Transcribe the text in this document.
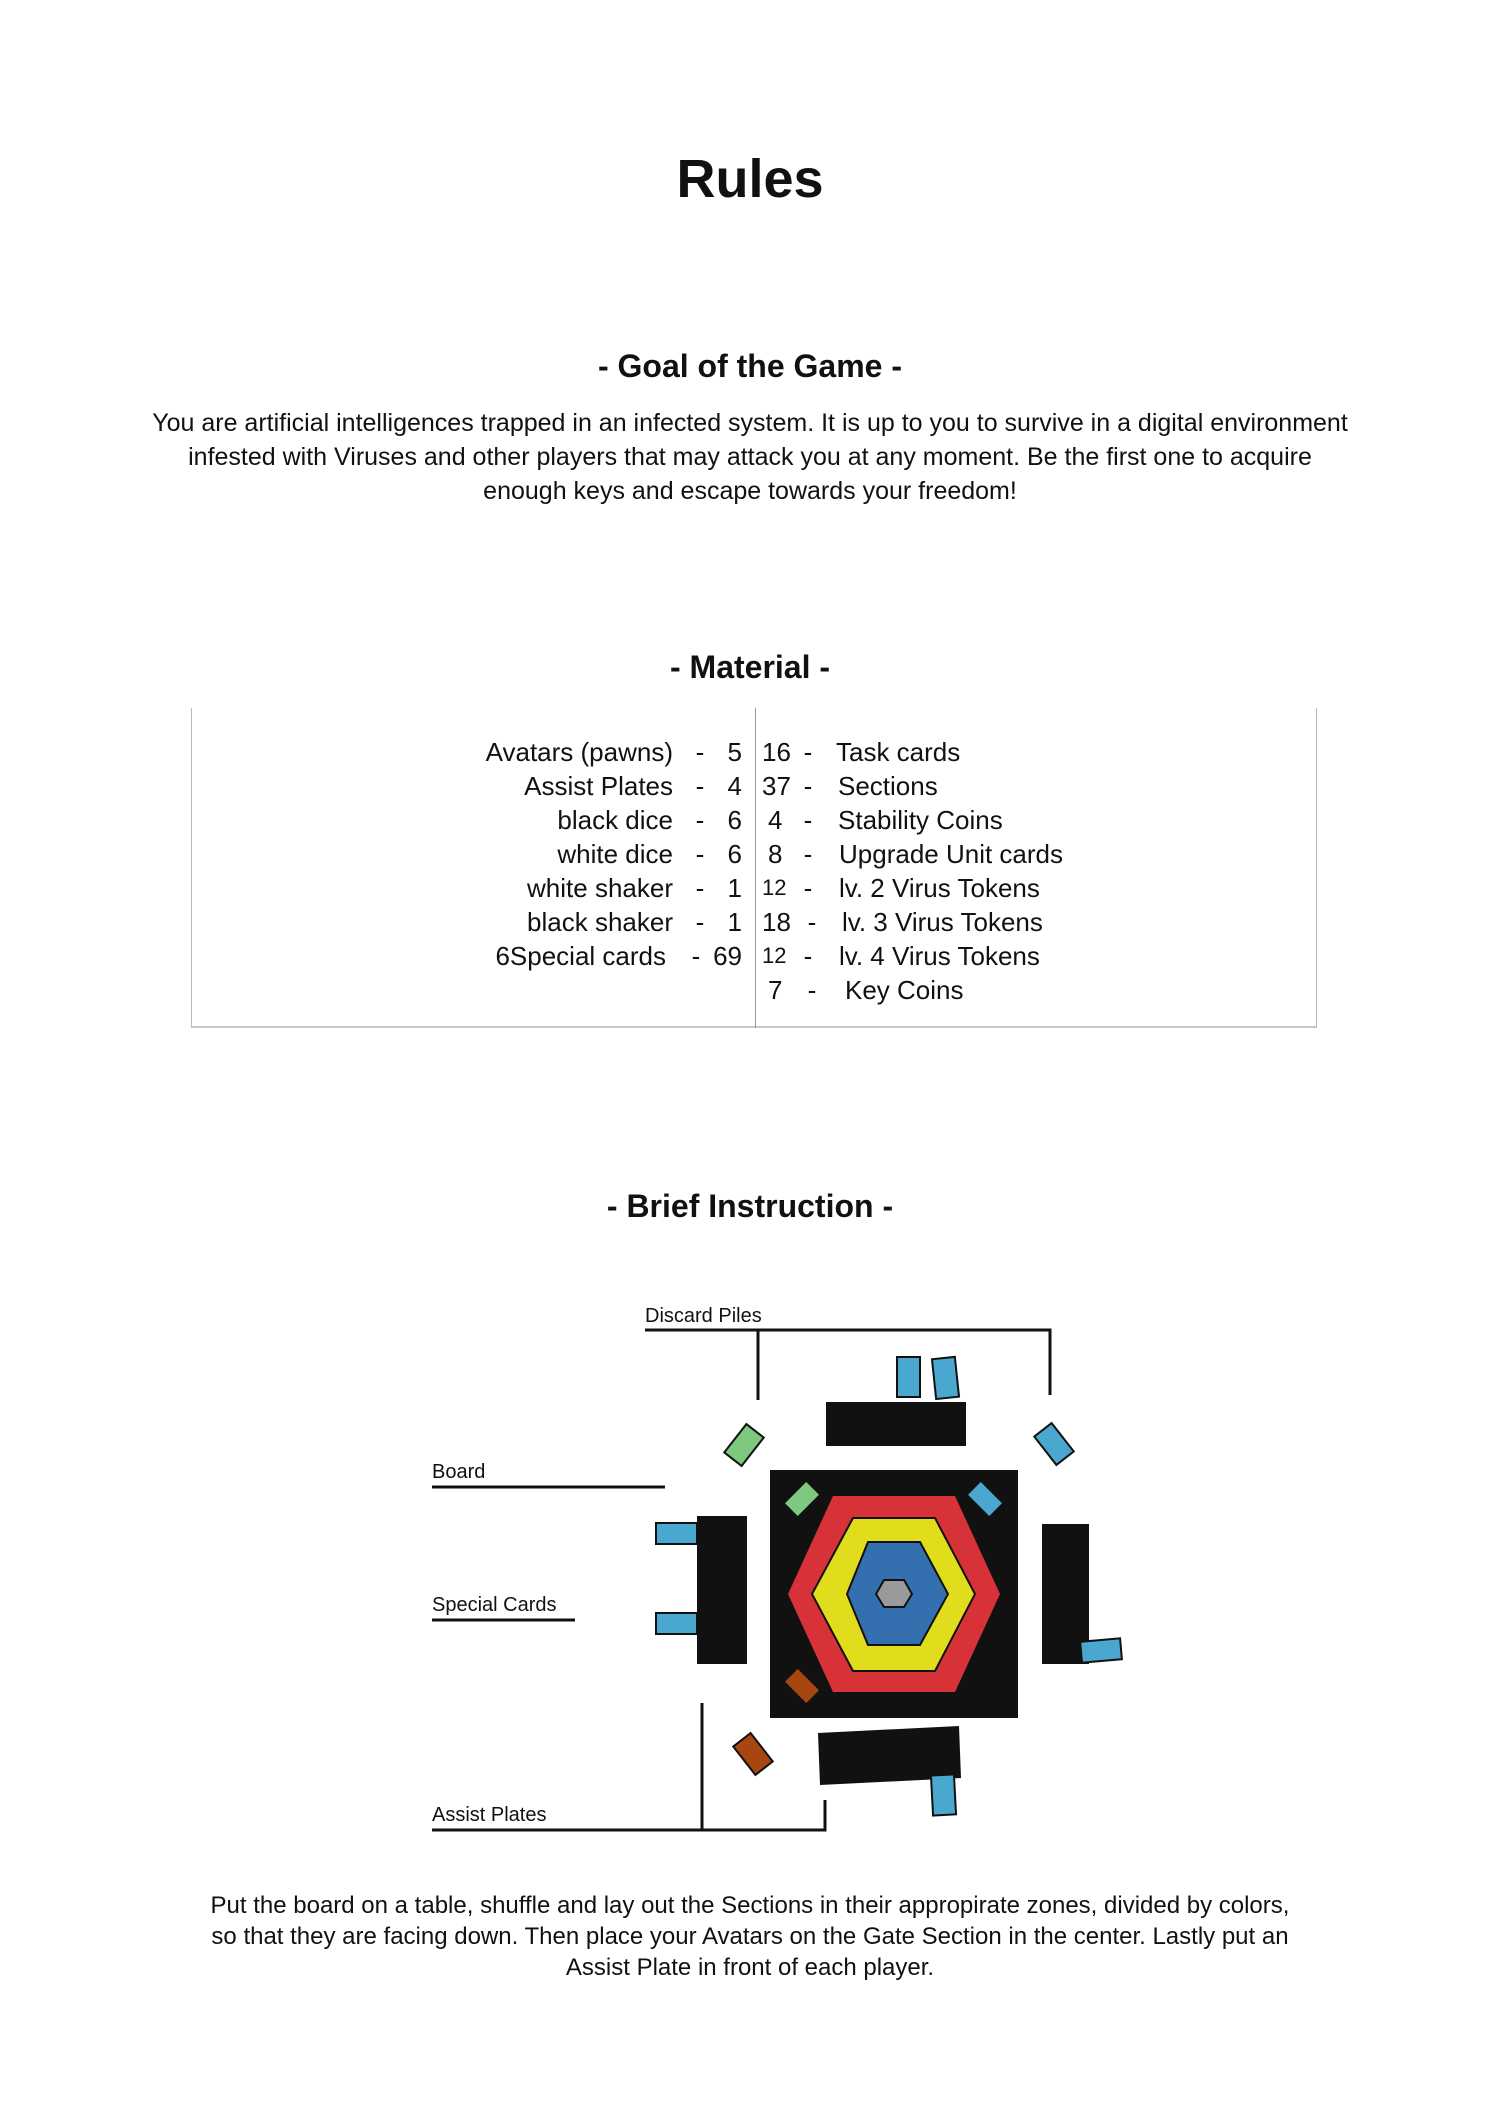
Rules
- Goal of the Game -
You are artificial intelligences trapped in an infected system. It is up to you to survive in a digital environment infested with Viruses and other players that may attack you at any moment. Be the first one to acquire enough keys and escape towards your freedom!
- Material -
Avatars (pawns) - 5
Assist Plates - 4
black dice - 6
white dice - 6
white shaker - 1
black shaker - 1
6Special cards - 69
16 - Task cards
37 - Sections
4 - Stability Coins
8 - Upgrade Unit cards
12 - lv. 2 Virus Tokens
18 - lv. 3 Virus Tokens
12 - lv. 4 Virus Tokens
7 - Key Coins
- Brief Instruction -
Discard Piles
Board
Special Cards
Assist Plates
Put the board on a table, shuffle and lay out the Sections in their appropirate zones, divided by colors, so that they are facing down. Then place your Avatars on the Gate Section in the center. Lastly put an Assist Plate in front of each player.
